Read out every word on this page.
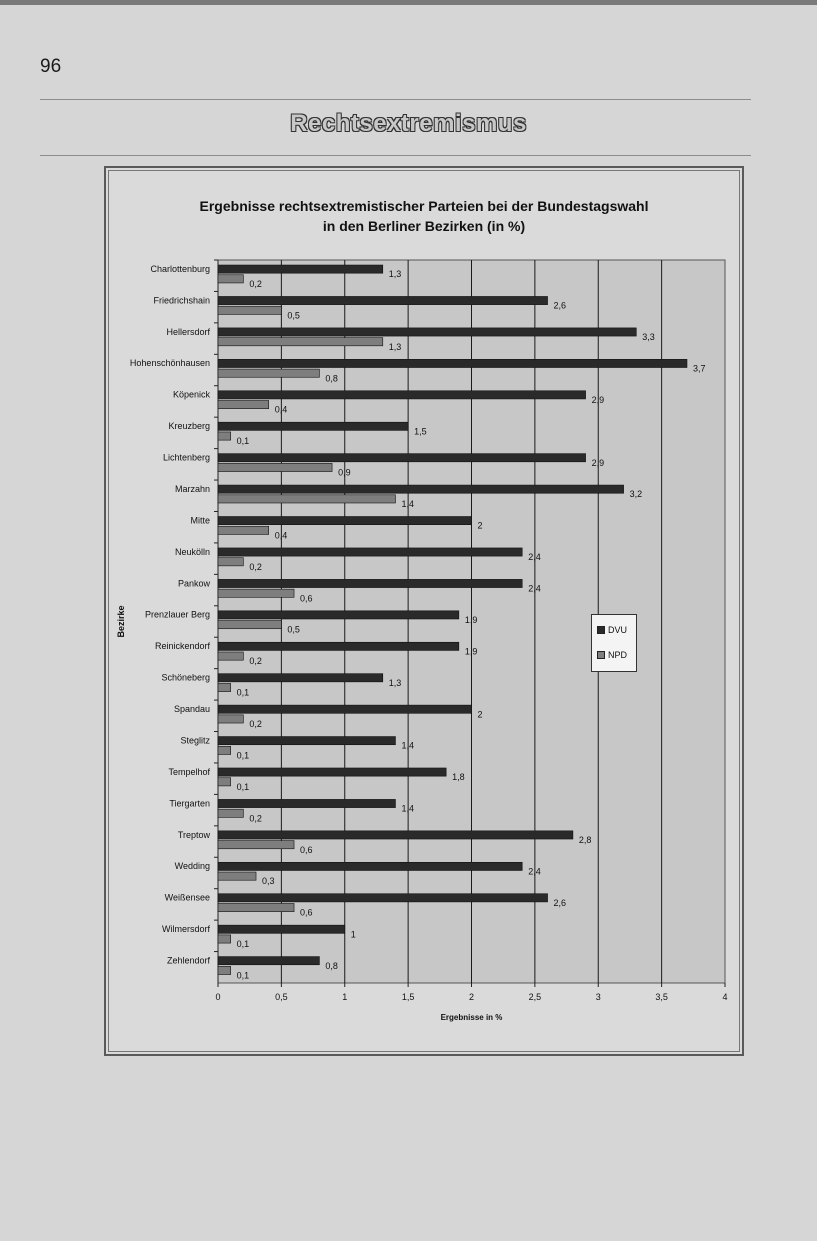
96
Rechtsextremismus
Ergebnisse rechtsextremistischer Parteien bei der Bundestagswahl
in den Berliner Bezirken (in %)
0	0,5	1	1,5	2	2,5	3	3,5	4
Charlottenburg
1,3
0,2
Friedrichshain
2,6
0,5
Hellersdorf
3,3
1,3
Hohenschönhausen
3,7
0,8
Köpenick
2,9
0,4
Kreuzberg
1,5
0,1
Lichtenberg
2,9
0,9
Marzahn
3,2
1,4
Mitte
2
0,4
Neukölln
2,4
0,2
Pankow
2,4
0,6
Prenzlauer Berg
1,9
0,5
Reinickendorf
1,9
0,2
Schöneberg
1,3
0,1
Spandau
2
0,2
Steglitz
1,4
0,1
Tempelhof
1,8
0,1
Tiergarten
1,4
0,2
Treptow
2,8
0,6
Wedding
2,4
0,3
Weißensee
2,6
0,6
Wilmersdorf
1
0,1
Zehlendorf
0,8
0,1
Ergebnisse in %
Bezirke	DVU
NPD
